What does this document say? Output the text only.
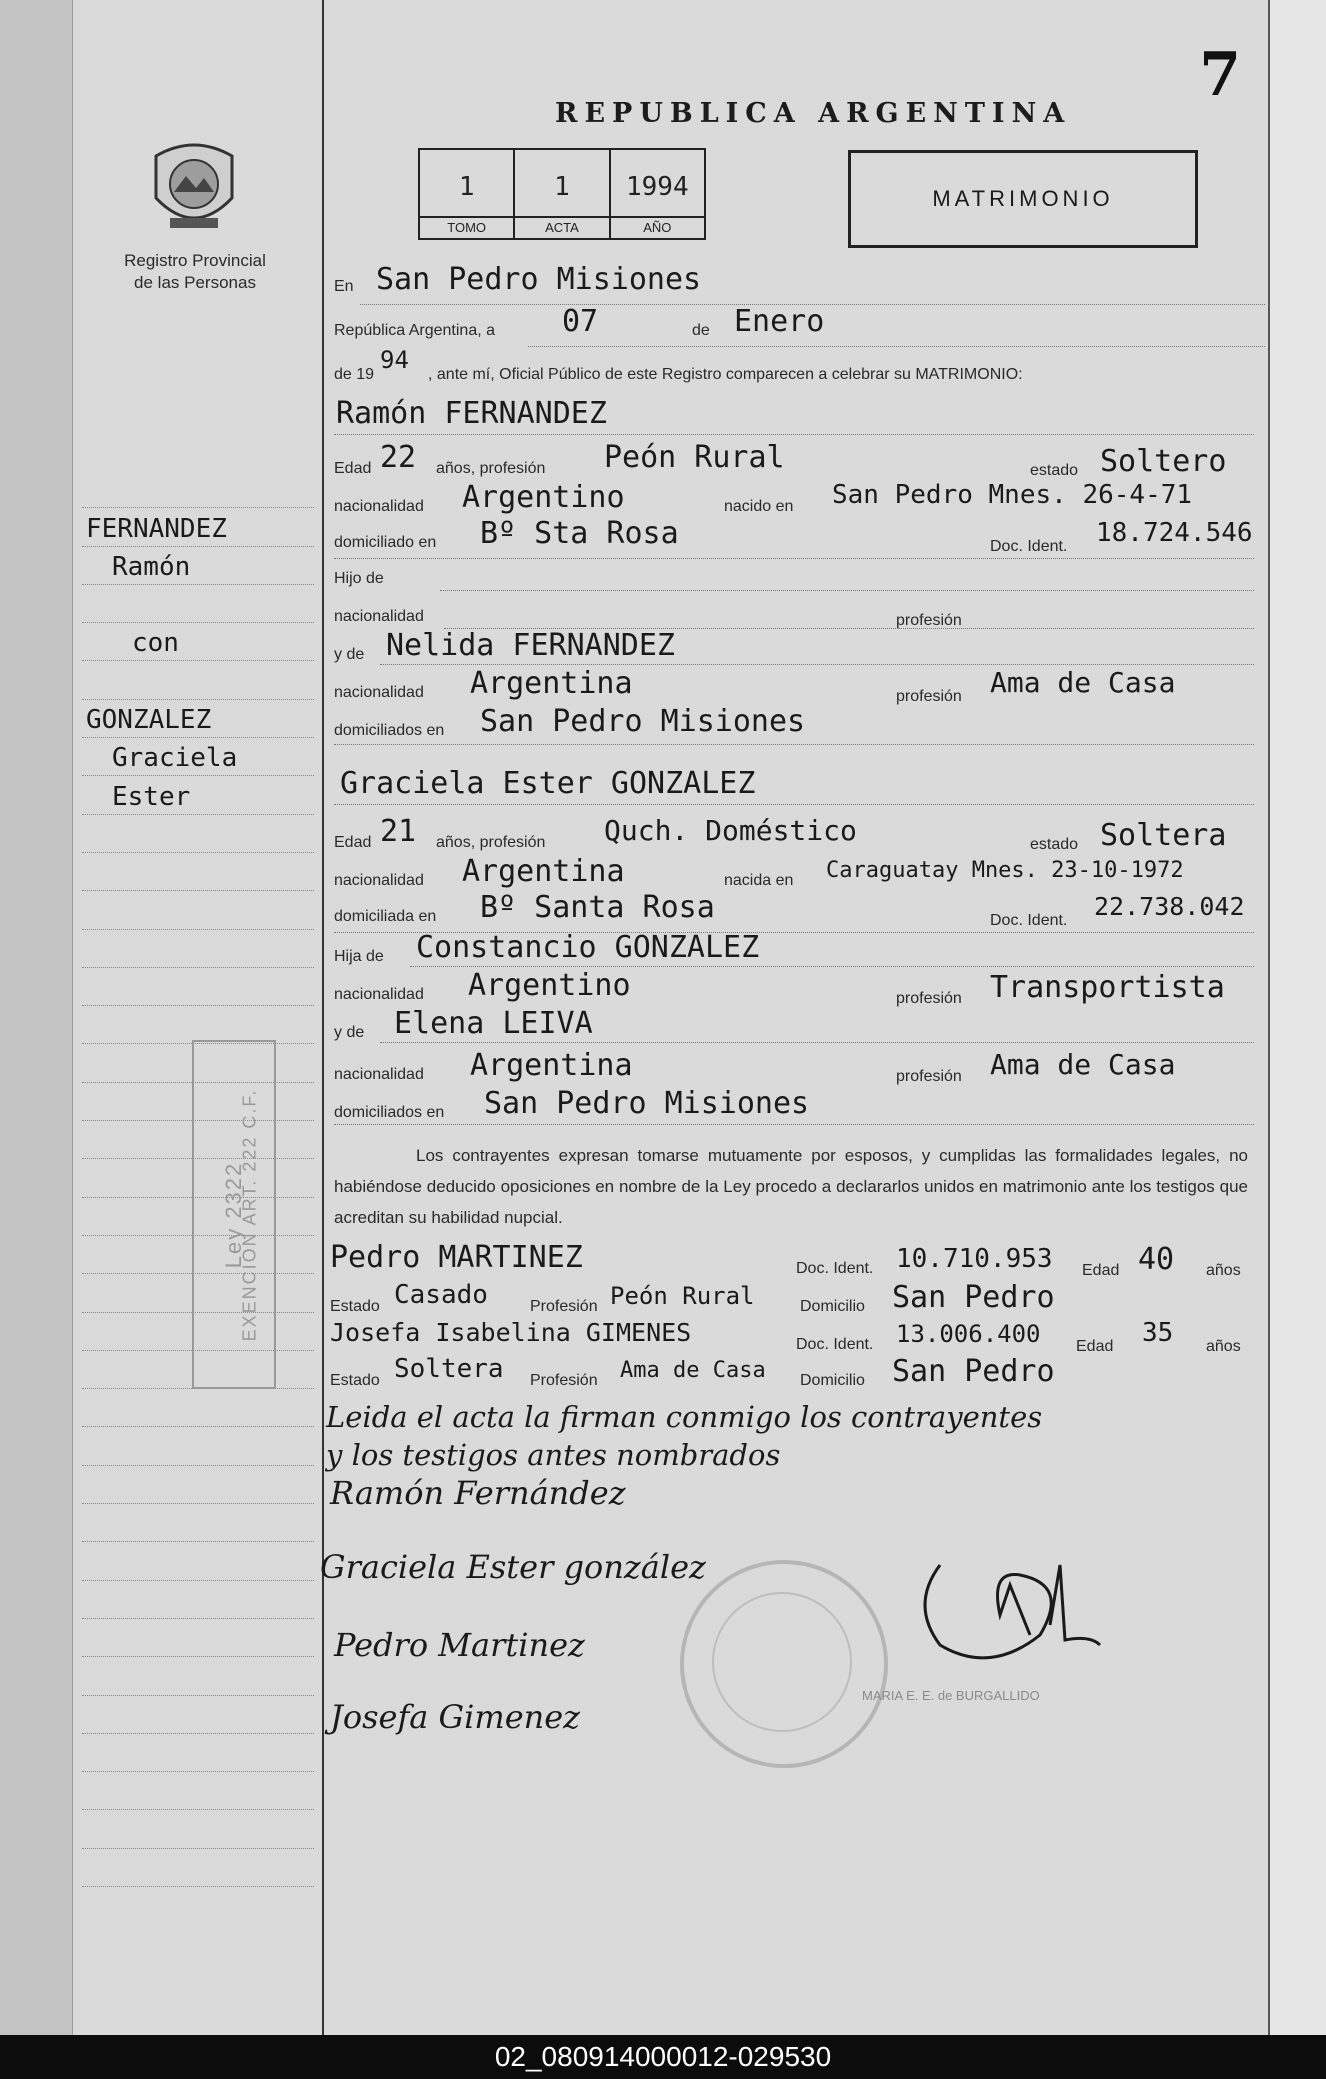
7
REPUBLICA ARGENTINA
Registro Provincial
de las Personas
1
TOMO
1
ACTA
1994
AÑO
MATRIMONIO
En San Pedro Misiones
República Argentina, a 07	de Enero
de 19
94
, ante mí, Oficial Público de este Registro comparecen a celebrar su MATRIMONIO:
Ramón FERNANDEZ
Edad 22 años, profesión Peón Rural	estado Soltero
nacionalidad Argentino	nacido en San Pedro Mnes. 26-4-71
domiciliado en Bº Sta Rosa	Doc. Ident. 18.724.546
Hijo de
nacionalidad	profesión
y de Nelida FERNANDEZ
nacionalidad Argentina	profesión Ama de Casa
domiciliados en San Pedro Misiones
Graciela Ester GONZALEZ
Edad 21 años, profesión Quch. Doméstico	estado Soltera
nacionalidad Argentina	nacida en Caraguatay Mnes. 23-10-1972
domiciliada en Bº Santa Rosa	Doc. Ident. 22.738.042
Hija de Constancio GONZALEZ
nacionalidad Argentino	profesión Transportista
y de Elena LEIVA
nacionalidad Argentina	profesión Ama de Casa
domiciliados en San Pedro Misiones
FERNANDEZ
Ramón
con
GONZALEZ
Graciela
Ester
Ley 2322
EXENCION ART. 222 C.F.	Los contrayentes expresan tomarse mutuamente por esposos, y cumplidas las formalidades legales, no habiéndose deducido oposiciones en nombre de la Ley procedo a declararlos unidos en matrimonio ante los testigos que acreditan su habilidad nupcial.
Pedro MARTINEZ	Doc. Ident. 10.710.953 Edad 40 años
Estado Casado	Profesión Peón Rural	Domicilio San Pedro
Josefa Isabelina GIMENES	Doc. Ident. 13.006.400 Edad 35 años
Estado Soltera Profesión Ama de Casa Domicilio San Pedro
Leida el acta la firman conmigo los contrayentes
y los testigos antes nombrados
MARIA E. E. de BURGALLIDO
Ramón Fernández
Graciela Ester gonzález
Pedro Martinez
Josefa Gimenez
02_080914000012-029530
